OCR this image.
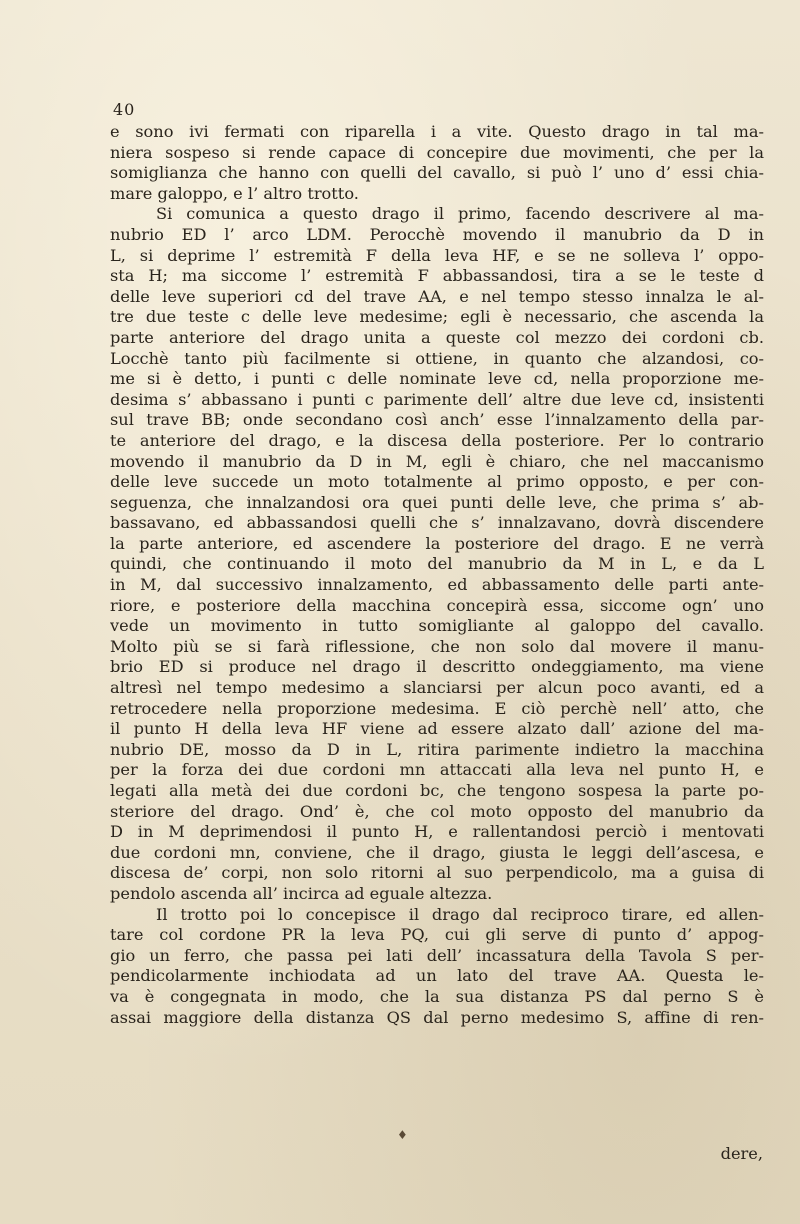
40
e sono ivi fermati con riparella i a vite. Questo drago in tal ma-
niera sospeso si rende capace di concepire due movimenti, che per la
somiglianza che hanno con quelli del cavallo, si può l’ uno d’ essi chia-
mare galoppo, e l’ altro trotto.
Si comunica a questo drago il primo, facendo descrivere al ma-
nubrio ED l’ arco LDM. Perocchè movendo il manubrio da D in
L, si deprime l’ estremità F della leva HF, e se ne solleva l’ oppo-
sta H; ma siccome l’ estremità F abbassandosi, tira a se le teste d
delle leve superiori cd del trave AA, e nel tempo stesso innalza le al-
tre due teste c delle leve medesime; egli è necessario, che ascenda la
parte anteriore del drago unita a queste col mezzo dei cordoni cb.
Locchè tanto più facilmente si ottiene, in quanto che alzandosi, co-
me si è detto, i punti c delle nominate leve cd, nella proporzione me-
desima s’ abbassano i punti c parimente dell’ altre due leve cd, insistenti
sul trave BB; onde secondano così anch’ esse l’innalzamento della par-
te anteriore del drago, e la discesa della posteriore. Per lo contrario
movendo il manubrio da D in M, egli è chiaro, che nel maccanismo
delle leve succede un moto totalmente al primo opposto, e per con-
seguenza, che innalzandosi ora quei punti delle leve, che prima s’ ab-
bassavano, ed abbassandosi quelli che s’ innalzavano, dovrà discendere
la parte anteriore, ed ascendere la posteriore del drago. E ne verrà
quindi, che continuando il moto del manubrio da M in L, e da L
in M, dal successivo innalzamento, ed abbassamento delle parti ante-
riore, e posteriore della macchina concepirà essa, siccome ogn’ uno
vede un movimento in tutto somigliante al galoppo del cavallo.
Molto più se si farà riflessione, che non solo dal movere il manu-
brio ED si produce nel drago il descritto ondeggiamento, ma viene
altresì nel tempo medesimo a slanciarsi per alcun poco avanti, ed a
retrocedere nella proporzione medesima. E ciò perchè nell’ atto, che
il punto H della leva HF viene ad essere alzato dall’ azione del ma-
nubrio DE, mosso da D in L, ritira parimente indietro la macchina
per la forza dei due cordoni mn attaccati alla leva nel punto H, e
legati alla metà dei due cordoni bc, che tengono sospesa la parte po-
steriore del drago. Ond’ è, che col moto opposto del manubrio da
D in M deprimendosi il punto H, e rallentandosi perciò i mentovati
due cordoni mn, conviene, che il drago, giusta le leggi dell’ascesa, e
discesa de’ corpi, non solo ritorni al suo perpendicolo, ma a guisa di
pendolo ascenda all’ incirca ad eguale altezza.
Il trotto poi lo concepisce il drago dal reciproco tirare, ed allen-
tare col cordone PR la leva PQ, cui gli serve di punto d’ appog-
gio un ferro, che passa pei lati dell’ incassatura della Tavola S per-
pendicolarmente inchiodata ad un lato del trave AA. Questa le-
va è congegnata in modo, che la sua distanza PS dal perno S è
assai maggiore della distanza QS dal perno medesimo S, affine di ren-
♦
dere,
